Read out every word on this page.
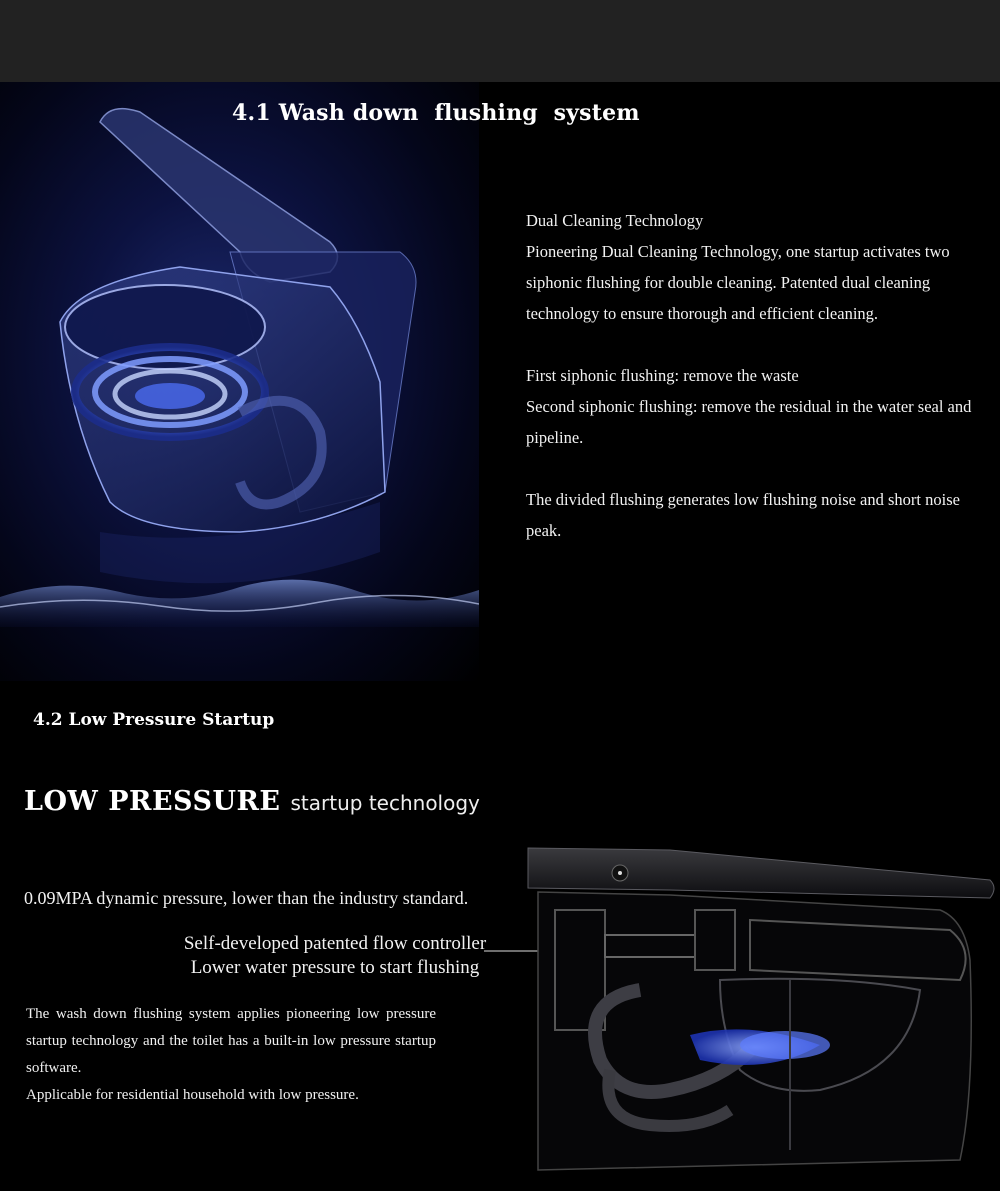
4.1 Wash down  flushing  system

Dual Cleaning Technology

Pioneering Dual Cleaning Technology, one startup activates two siphonic flushing for double cleaning. Patented dual cleaning technology to ensure thorough and efficient cleaning.

First siphonic flushing: remove the waste

Second siphonic flushing: remove the residual in the water seal and pipeline.

The divided flushing generates low flushing noise and short noise peak.

4.2 Low Pressure Startup
LOW PRESSURE startup technology
0.09MPA dynamic pressure, lower than the industry standard.
Self-developed patented flow controller
Lower water pressure to start flushing

The wash down flushing system applies pioneering low pressure startup technology and the toilet has a built-in low pressure startup software.

Applicable for residential household with low pressure.
